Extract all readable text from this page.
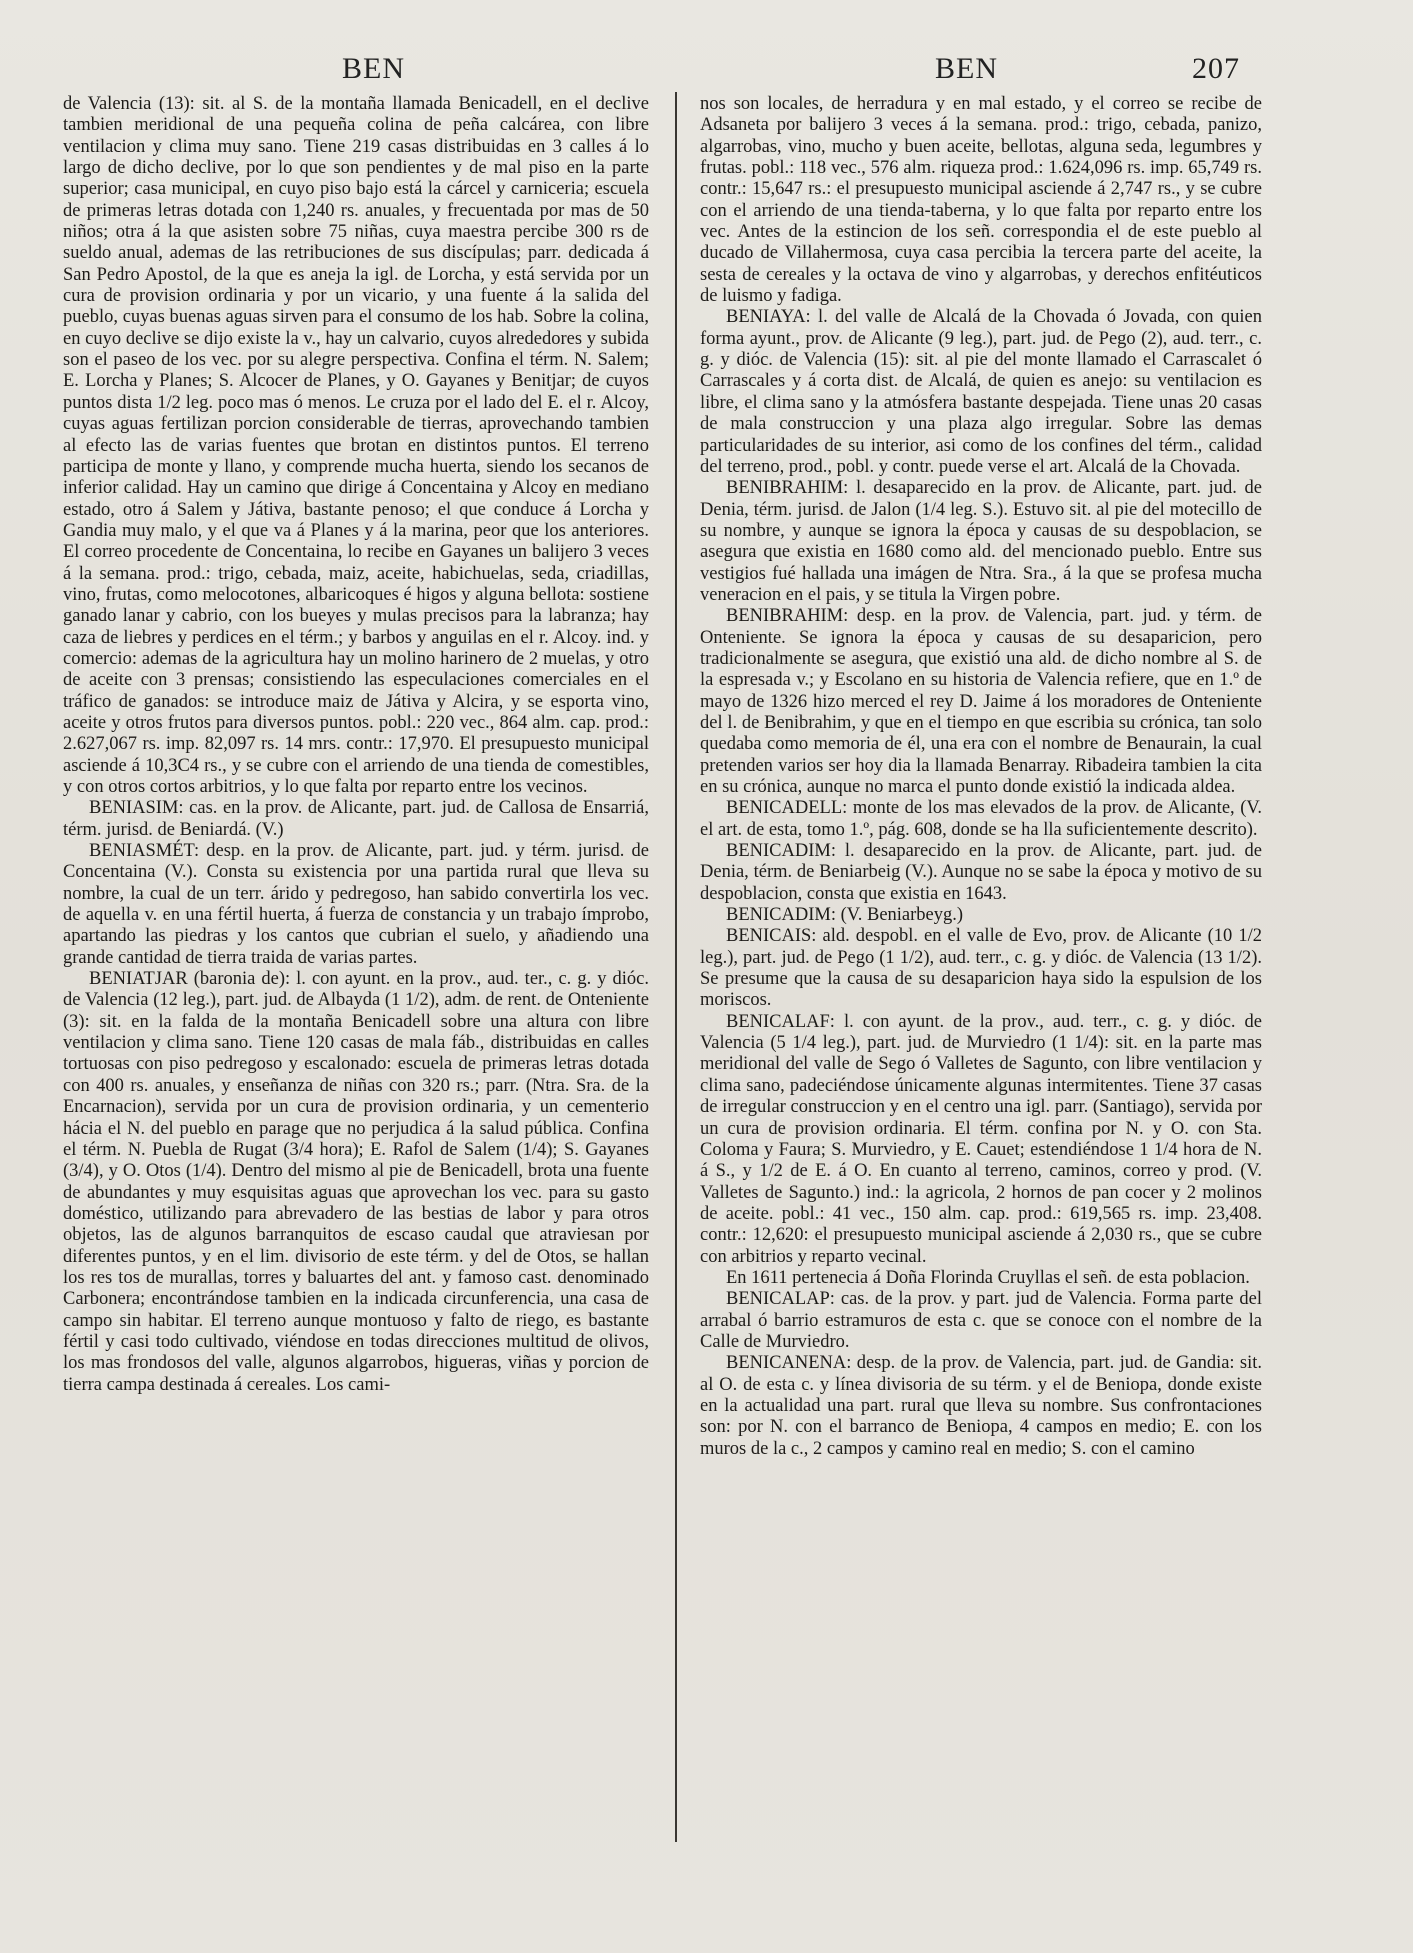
BEN	BEN	207

de Valencia (13): sit. al S. de la montaña llamada Benicadell, en el declive tambien meridional de una pequeña colina de peña calcárea, con libre ventilacion y clima muy sano. Tiene 219 casas distribuidas en 3 calles á lo largo de dicho declive, por lo que son pendientes y de mal piso en la parte superior; casa municipal, en cuyo piso bajo está la cárcel y carniceria; escuela de primeras letras dotada con 1,240 rs. anuales, y frecuentada por mas de 50 niños; otra á la que asisten sobre 75 niñas, cuya maestra percibe 300 rs de sueldo anual, ademas de las retribuciones de sus discípulas; parr. dedicada á San Pedro Apostol, de la que es aneja la igl. de Lorcha, y está servida por un cura de provision ordinaria y por un vicario, y una fuente á la salida del pueblo, cuyas buenas aguas sirven para el consumo de los hab. Sobre la colina, en cuyo declive se dijo existe la v., hay un calvario, cuyos alrededores y subida son el paseo de los vec. por su alegre perspectiva. Confina el térm. N. Salem; E. Lorcha y Planes; S. Alcocer de Planes, y O. Gayanes y Benitjar; de cuyos puntos dista 1/2 leg. poco mas ó menos. Le cruza por el lado del E. el r. Alcoy, cuyas aguas fertilizan porcion considerable de tierras, aprovechando tambien al efecto las de varias fuentes que brotan en distintos puntos. El terreno participa de monte y llano, y comprende mucha huerta, siendo los secanos de inferior calidad. Hay un camino que dirige á Concentaina y Alcoy en mediano estado, otro á Salem y Játiva, bastante penoso; el que conduce á Lorcha y Gandia muy malo, y el que va á Planes y á la marina, peor que los anteriores. El correo procedente de Concentaina, lo recibe en Gayanes un balijero 3 veces á la semana. prod.: trigo, cebada, maiz, aceite, habichuelas, seda, criadillas, vino, frutas, como melocotones, albaricoques é higos y alguna bellota: sostiene ganado lanar y cabrio, con los bueyes y mulas precisos para la labranza; hay caza de liebres y perdices en el térm.; y barbos y anguilas en el r. Alcoy. ind. y comercio: ademas de la agricultura hay un molino harinero de 2 muelas, y otro de aceite con 3 prensas; consistiendo las especulaciones comerciales en el tráfico de ganados: se introduce maiz de Játiva y Alcira, y se esporta vino, aceite y otros frutos para diversos puntos. pobl.: 220 vec., 864 alm. cap. prod.: 2.627,067 rs. imp. 82,097 rs. 14 mrs. contr.: 17,970. El presupuesto municipal asciende á 10,3C4 rs., y se cubre con el arriendo de una tienda de comestibles, y con otros cortos arbitrios, y lo que falta por reparto entre los vecinos.

BENIASIM: cas. en la prov. de Alicante, part. jud. de Callosa de Ensarriá, térm. jurisd. de Beniardá. (V.)

BENIASMÉT: desp. en la prov. de Alicante, part. jud. y térm. jurisd. de Concentaina (V.). Consta su existencia por una partida rural que lleva su nombre, la cual de un terr. árido y pedregoso, han sabido convertirla los vec. de aquella v. en una fértil huerta, á fuerza de constancia y un trabajo ímprobo, apartando las piedras y los cantos que cubrian el suelo, y añadiendo una grande cantidad de tierra traida de varias partes.

BENIATJAR (baronia de): l. con ayunt. en la prov., aud. ter., c. g. y dióc. de Valencia (12 leg.), part. jud. de Albayda (1 1/2), adm. de rent. de Onteniente (3): sit. en la falda de la montaña Benicadell sobre una altura con libre ventilacion y clima sano. Tiene 120 casas de mala fáb., distribuidas en calles tortuosas con piso pedregoso y escalonado: escuela de primeras letras dotada con 400 rs. anuales, y enseñanza de niñas con 320 rs.; parr. (Ntra. Sra. de la Encarnacion), servida por un cura de provision ordinaria, y un cementerio hácia el N. del pueblo en parage que no perjudica á la salud pública. Confina el térm. N. Puebla de Rugat (3/4 hora); E. Rafol de Salem (1/4); S. Gayanes (3/4), y O. Otos (1/4). Dentro del mismo al pie de Benicadell, brota una fuente de abundantes y muy esquisitas aguas que aprovechan los vec. para su gasto doméstico, utilizando para abrevadero de las bestias de labor y para otros objetos, las de algunos barranquitos de escaso caudal que atraviesan por diferentes puntos, y en el lim. divisorio de este térm. y del de Otos, se hallan los res tos de murallas, torres y baluartes del ant. y famoso cast. denominado Carbonera; encontrándose tambien en la indicada circunferencia, una casa de campo sin habitar. El terreno aunque montuoso y falto de riego, es bastante fértil y casi todo cultivado, viéndose en todas direcciones multitud de olivos, los mas frondosos del valle, algunos algarrobos, higueras, viñas y porcion de tierra campa destinada á cereales. Los cami-

nos son locales, de herradura y en mal estado, y el correo se recibe de Adsaneta por balijero 3 veces á la semana. prod.: trigo, cebada, panizo, algarrobas, vino, mucho y buen aceite, bellotas, alguna seda, legumbres y frutas. pobl.: 118 vec., 576 alm. riqueza prod.: 1.624,096 rs. imp. 65,749 rs. contr.: 15,647 rs.: el presupuesto municipal asciende á 2,747 rs., y se cubre con el arriendo de una tienda-taberna, y lo que falta por reparto entre los vec. Antes de la estincion de los señ. correspondia el de este pueblo al ducado de Villahermosa, cuya casa percibia la tercera parte del aceite, la sesta de cereales y la octava de vino y algarrobas, y derechos enfitéuticos de luismo y fadiga.

BENIAYA: l. del valle de Alcalá de la Chovada ó Jovada, con quien forma ayunt., prov. de Alicante (9 leg.), part. jud. de Pego (2), aud. terr., c. g. y dióc. de Valencia (15): sit. al pie del monte llamado el Carrascalet ó Carrascales y á corta dist. de Alcalá, de quien es anejo: su ventilacion es libre, el clima sano y la atmósfera bastante despejada. Tiene unas 20 casas de mala construccion y una plaza algo irregular. Sobre las demas particularidades de su interior, asi como de los confines del térm., calidad del terreno, prod., pobl. y contr. puede verse el art. Alcalá de la Chovada.

BENIBRAHIM: l. desaparecido en la prov. de Alicante, part. jud. de Denia, térm. jurisd. de Jalon (1/4 leg. S.). Estuvo sit. al pie del motecillo de su nombre, y aunque se ignora la época y causas de su despoblacion, se asegura que existia en 1680 como ald. del mencionado pueblo. Entre sus vestigios fué hallada una imágen de Ntra. Sra., á la que se profesa mucha veneracion en el pais, y se titula la Virgen pobre.

BENIBRAHIM: desp. en la prov. de Valencia, part. jud. y térm. de Onteniente. Se ignora la época y causas de su desaparicion, pero tradicionalmente se asegura, que existió una ald. de dicho nombre al S. de la espresada v.; y Escolano en su historia de Valencia refiere, que en 1.º de mayo de 1326 hizo merced el rey D. Jaime á los moradores de Onteniente del l. de Benibrahim, y que en el tiempo en que escribia su crónica, tan solo quedaba como memoria de él, una era con el nombre de Benaurain, la cual pretenden varios ser hoy dia la llamada Benarray. Ribadeira tambien la cita en su crónica, aunque no marca el punto donde existió la indicada aldea.

BENICADELL: monte de los mas elevados de la prov. de Alicante, (V. el art. de esta, tomo 1.º, pág. 608, donde se ha lla suficientemente descrito).

BENICADIM: l. desaparecido en la prov. de Alicante, part. jud. de Denia, térm. de Beniarbeig (V.). Aunque no se sabe la época y motivo de su despoblacion, consta que existia en 1643.

BENICADIM: (V. Beniarbeyg.)

BENICAIS: ald. despobl. en el valle de Evo, prov. de Alicante (10 1/2 leg.), part. jud. de Pego (1 1/2), aud. terr., c. g. y dióc. de Valencia (13 1/2). Se presume que la causa de su desaparicion haya sido la espulsion de los moriscos.

BENICALAF: l. con ayunt. de la prov., aud. terr., c. g. y dióc. de Valencia (5 1/4 leg.), part. jud. de Murviedro (1 1/4): sit. en la parte mas meridional del valle de Sego ó Valletes de Sagunto, con libre ventilacion y clima sano, padeciéndose únicamente algunas intermitentes. Tiene 37 casas de irregular construccion y en el centro una igl. parr. (Santiago), servida por un cura de provision ordinaria. El térm. confina por N. y O. con Sta. Coloma y Faura; S. Murviedro, y E. Cauet; estendiéndose 1 1/4 hora de N. á S., y 1/2 de E. á O. En cuanto al terreno, caminos, correo y prod. (V. Valletes de Sagunto.) ind.: la agricola, 2 hornos de pan cocer y 2 molinos de aceite. pobl.: 41 vec., 150 alm. cap. prod.: 619,565 rs. imp. 23,408. contr.: 12,620: el presupuesto municipal asciende á 2,030 rs., que se cubre con arbitrios y reparto vecinal.

En 1611 pertenecia á Doña Florinda Cruyllas el señ. de esta poblacion.

BENICALAP: cas. de la prov. y part. jud de Valencia. Forma parte del arrabal ó barrio estramuros de esta c. que se conoce con el nombre de la Calle de Murviedro.

BENICANENA: desp. de la prov. de Valencia, part. jud. de Gandia: sit. al O. de esta c. y línea divisoria de su térm. y el de Beniopa, donde existe en la actualidad una part. rural que lleva su nombre. Sus confrontaciones son: por N. con el barranco de Beniopa, 4 campos en medio; E. con los muros de la c., 2 campos y camino real en medio; S. con el camino
